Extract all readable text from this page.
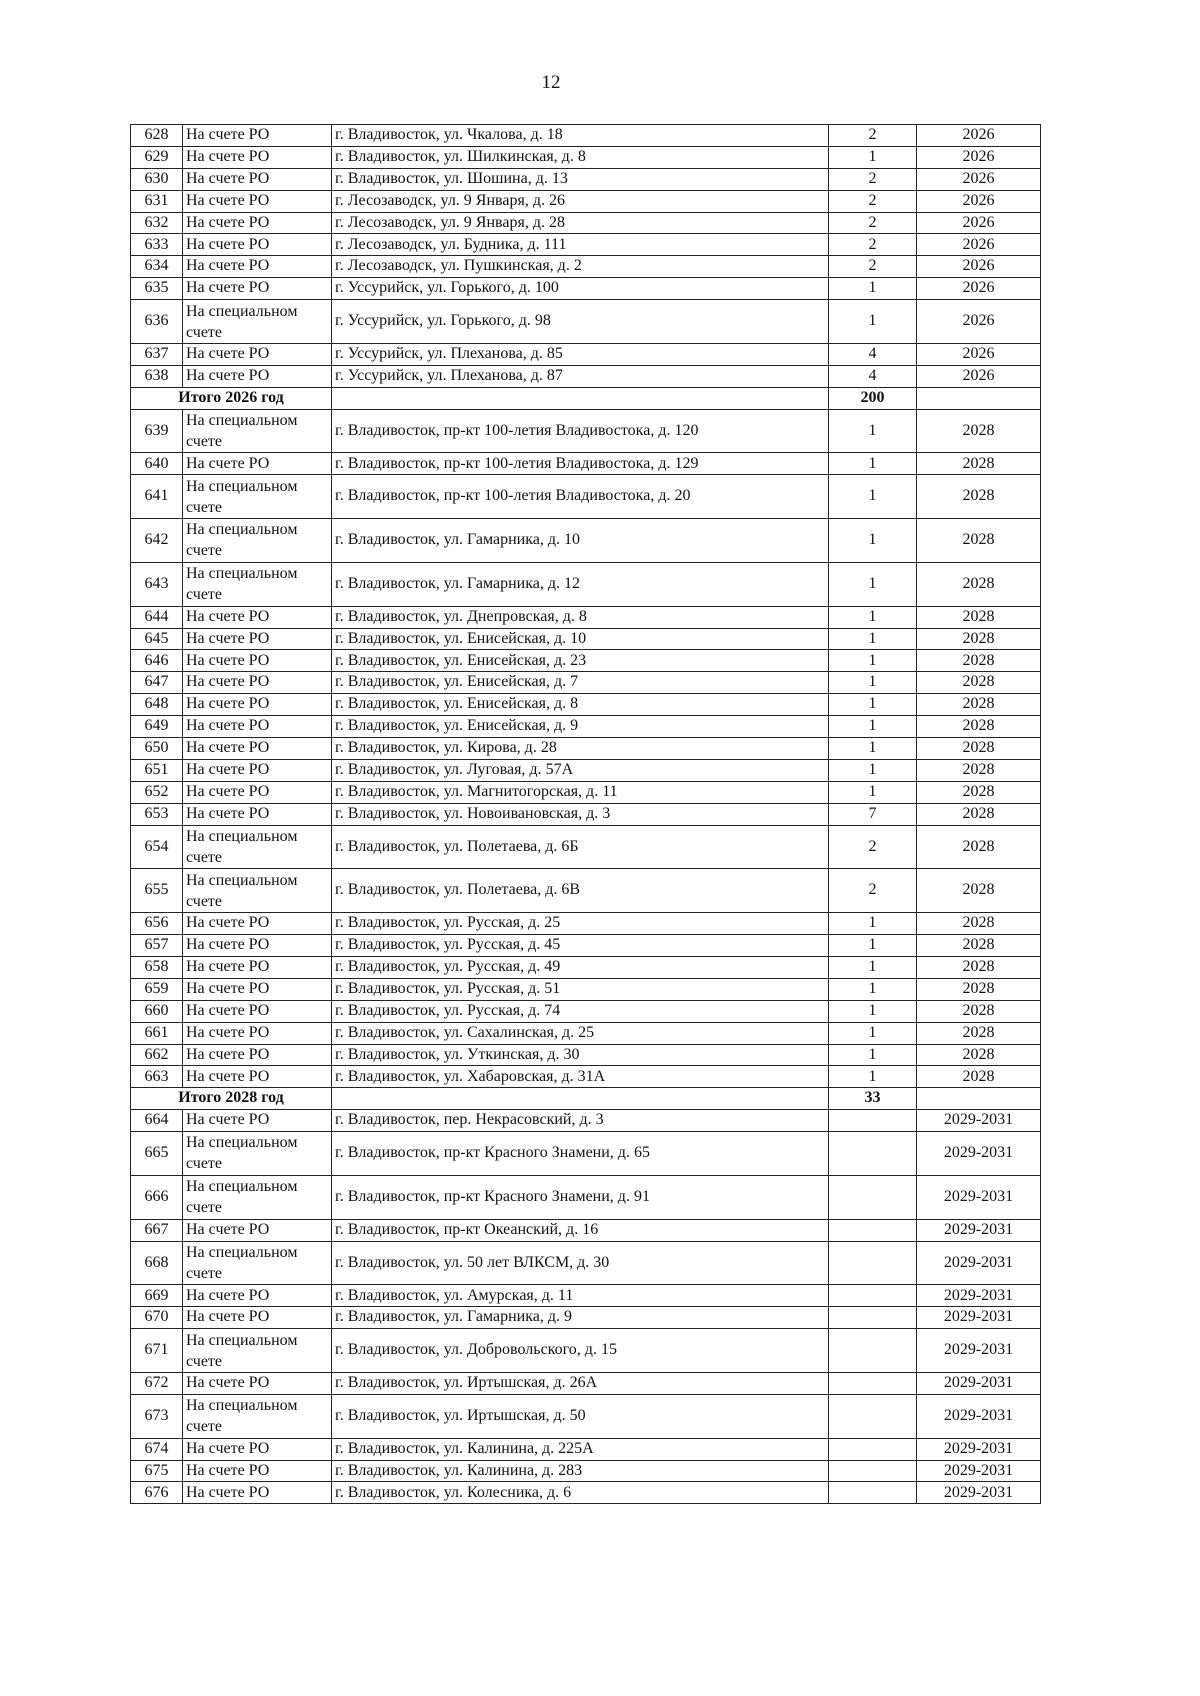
12
628	На счете РО	г. Владивосток, ул. Чкалова, д. 18	2	2026
629	На счете РО	г. Владивосток, ул. Шилкинская, д. 8	1	2026
630	На счете РО	г. Владивосток, ул. Шошина, д. 13	2	2026
631	На счете РО	г. Лесозаводск, ул. 9 Января, д. 26	2	2026
632	На счете РО	г. Лесозаводск, ул. 9 Января, д. 28	2	2026
633	На счете РО	г. Лесозаводск, ул. Будника, д. 111	2	2026
634	На счете РО	г. Лесозаводск, ул. Пушкинская, д. 2	2	2026
635	На счете РО	г. Уссурийск, ул. Горького, д. 100	1	2026
636	На специальном счете	г. Уссурийск, ул. Горького, д. 98	1	2026
637	На счете РО	г. Уссурийск, ул. Плеханова, д. 85	4	2026
638	На счете РО	г. Уссурийск, ул. Плеханова, д. 87	4	2026
Итого 2026 год			200	
639	На специальном счете	г. Владивосток, пр-кт 100-летия Владивостока, д. 120	1	2028
640	На счете РО	г. Владивосток, пр-кт 100-летия Владивостока, д. 129	1	2028
641	На специальном счете	г. Владивосток, пр-кт 100-летия Владивостока, д. 20	1	2028
642	На специальном счете	г. Владивосток, ул. Гамарника, д. 10	1	2028
643	На специальном счете	г. Владивосток, ул. Гамарника, д. 12	1	2028
644	На счете РО	г. Владивосток, ул. Днепровская, д. 8	1	2028
645	На счете РО	г. Владивосток, ул. Енисейская, д. 10	1	2028
646	На счете РО	г. Владивосток, ул. Енисейская, д. 23	1	2028
647	На счете РО	г. Владивосток, ул. Енисейская, д. 7	1	2028
648	На счете РО	г. Владивосток, ул. Енисейская, д. 8	1	2028
649	На счете РО	г. Владивосток, ул. Енисейская, д. 9	1	2028
650	На счете РО	г. Владивосток, ул. Кирова, д. 28	1	2028
651	На счете РО	г. Владивосток, ул. Луговая, д. 57А	1	2028
652	На счете РО	г. Владивосток, ул. Магнитогорская, д. 11	1	2028
653	На счете РО	г. Владивосток, ул. Новоивановская, д. 3	7	2028
654	На специальном счете	г. Владивосток, ул. Полетаева, д. 6Б	2	2028
655	На специальном счете	г. Владивосток, ул. Полетаева, д. 6В	2	2028
656	На счете РО	г. Владивосток, ул. Русская, д. 25	1	2028
657	На счете РО	г. Владивосток, ул. Русская, д. 45	1	2028
658	На счете РО	г. Владивосток, ул. Русская, д. 49	1	2028
659	На счете РО	г. Владивосток, ул. Русская, д. 51	1	2028
660	На счете РО	г. Владивосток, ул. Русская, д. 74	1	2028
661	На счете РО	г. Владивосток, ул. Сахалинская, д. 25	1	2028
662	На счете РО	г. Владивосток, ул. Уткинская, д. 30	1	2028
663	На счете РО	г. Владивосток, ул. Хабаровская, д. 31А	1	2028
Итого 2028 год			33	
664	На счете РО	г. Владивосток, пер. Некрасовский, д. 3		2029-2031
665	На специальном счете	г. Владивосток, пр-кт Красного Знамени, д. 65		2029-2031
666	На специальном счете	г. Владивосток, пр-кт Красного Знамени, д. 91		2029-2031
667	На счете РО	г. Владивосток, пр-кт Океанский, д. 16		2029-2031
668	На специальном счете	г. Владивосток, ул. 50 лет ВЛКСМ, д. 30		2029-2031
669	На счете РО	г. Владивосток, ул. Амурская, д. 11		2029-2031
670	На счете РО	г. Владивосток, ул. Гамарника, д. 9		2029-2031
671	На специальном счете	г. Владивосток, ул. Добровольского, д. 15		2029-2031
672	На счете РО	г. Владивосток, ул. Иртышская, д. 26А		2029-2031
673	На специальном счете	г. Владивосток, ул. Иртышская, д. 50		2029-2031
674	На счете РО	г. Владивосток, ул. Калинина, д. 225А		2029-2031
675	На счете РО	г. Владивосток, ул. Калинина, д. 283		2029-2031
676	На счете РО	г. Владивосток, ул. Колесника, д. 6		2029-2031
